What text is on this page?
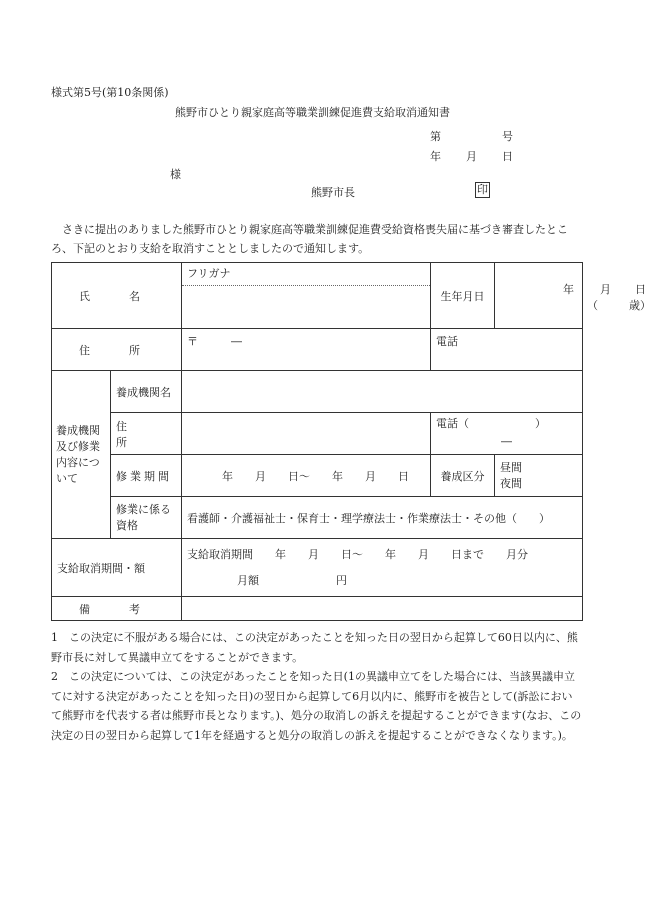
様式第5号(第10条関係)
熊野市ひとり親家庭高等職業訓練促進費支給取消通知書
第	号
年 月 日
様
熊野市長	印
さきに提出のありました熊野市ひとり親家庭高等職業訓練促進費受給資格喪失届に基づき審査したところ、下記のとおり支給を取消すこととしましたので通知します。
氏　名		フリガナ	生年月日	年 月 日
（ 歳）

住　所		〒　　　―	電話	
養成機関及び修業内容について	養成機関名			
	住　所		電話（　　　　　　）
―	

	修業期間	年　　月　　日～　　年　　月　　日	養成区分	昼間
夜間

	修業に係る資格	看護師・介護福祉士・保育士・理学療法士・作業療法士・その他（　　）		
支給取消期間・額		支給取消期間　　年　　月　　日～　　年　　月　　日まで　　月分
月額　　　　　　　円		

備　考				
1 この決定に不服がある場合には、この決定があったことを知った日の翌日から起算して60日以内に、熊野市長に対して異議申立てをすることができます。
2 この決定については、この決定があったことを知った日(1の異議申立てをした場合には、当該異議申立てに対する決定があったことを知った日)の翌日から起算して6月以内に、熊野市を被告として(訴訟において熊野市を代表する者は熊野市長となります。)、処分の取消しの訴えを提起することができます(なお、この決定の日の翌日から起算して1年を経過すると処分の取消しの訴えを提起することができなくなります。)。
